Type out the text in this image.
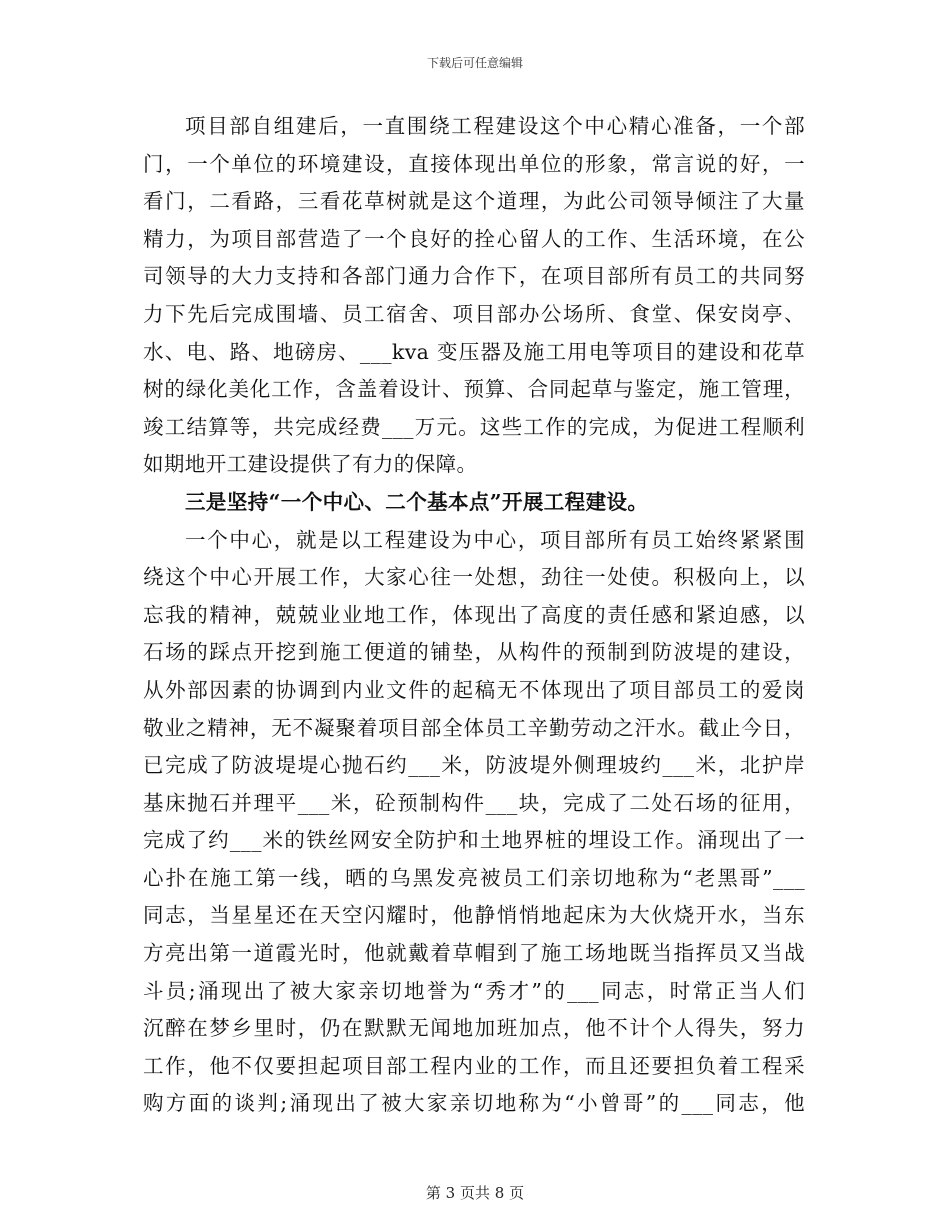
下载后可任意编辑
项目部自组建后，一直围绕工程建设这个中心精心准备，一个部
门，一个单位的环境建设，直接体现出单位的形象，常言说的好，一
看门，二看路，三看花草树就是这个道理，为此公司领导倾注了大量
精力，为项目部营造了一个良好的拴心留人的工作、生活环境，在公
司领导的大力支持和各部门通力合作下，在项目部所有员工的共同努
力下先后完成围墙、员工宿舍、项目部办公场所、食堂、保安岗亭、
水、电、路、地磅房、___kva 变压器及施工用电等项目的建设和花草
树的绿化美化工作，含盖着设计、预算、合同起草与鉴定，施工管理，
竣工结算等，共完成经费___万元。这些工作的完成，为促进工程顺利
如期地开工建设提供了有力的保障。
三是坚持“一个中心、二个基本点”开展工程建设。
一个中心，就是以工程建设为中心，项目部所有员工始终紧紧围
绕这个中心开展工作，大家心往一处想，劲往一处使。积极向上，以
忘我的精神，兢兢业业地工作，体现出了高度的责任感和紧迫感，以
石场的踩点开挖到施工便道的铺垫，从构件的预制到防波堤的建设，
从外部因素的协调到内业文件的起稿无不体现出了项目部员工的爱岗
敬业之精神，无不凝聚着项目部全体员工辛勤劳动之汗水。截止今日，
已完成了防波堤堤心抛石约___米，防波堤外侧理坡约___米，北护岸
基床抛石并理平___米，砼预制构件___块，完成了二处石场的征用，
完成了约___米的铁丝网安全防护和土地界桩的埋设工作。涌现出了一
心扑在施工第一线，晒的乌黑发亮被员工们亲切地称为“老黑哥”___
同志，当星星还在天空闪耀时，他静悄悄地起床为大伙烧开水，当东
方亮出第一道霞光时，他就戴着草帽到了施工场地既当指挥员又当战
斗员;涌现出了被大家亲切地誉为“秀才”的___同志，时常正当人们
沉醉在梦乡里时，仍在默默无闻地加班加点，他不计个人得失，努力
工作，他不仅要担起项目部工程内业的工作，而且还要担负着工程采
购方面的谈判;涌现出了被大家亲切地称为“小曾哥”的___同志，他
第 3 页共 8 页
